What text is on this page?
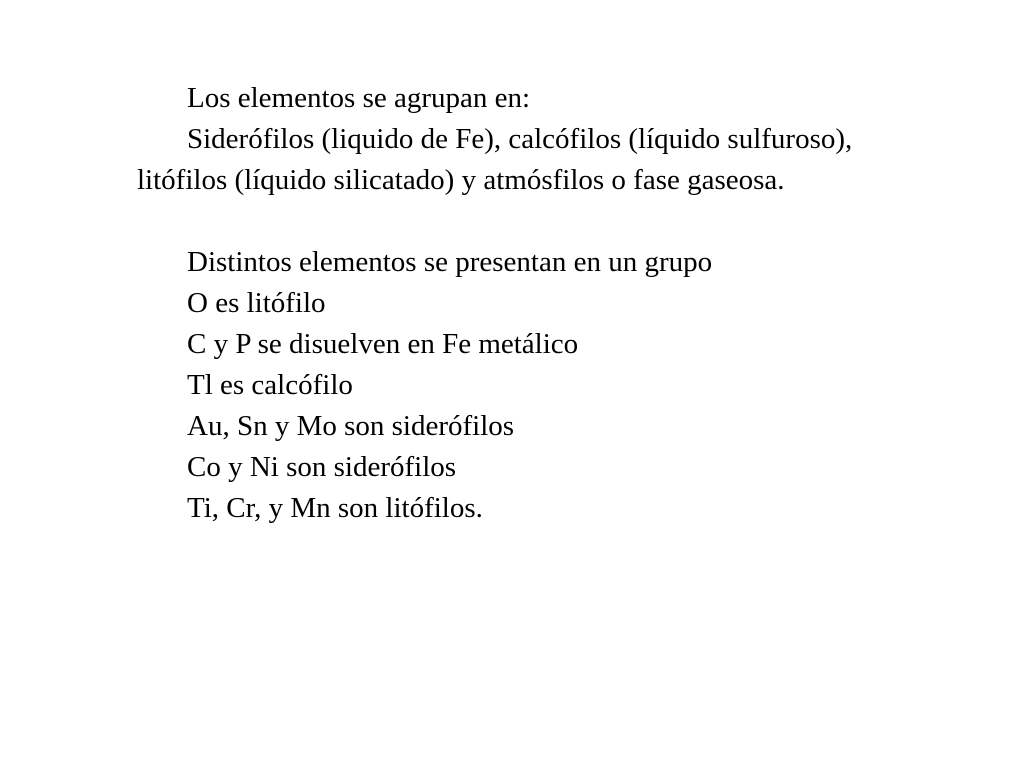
Los elementos se agrupan en:

Siderófilos (liquido de Fe), calcófilos (líquido sulfuroso), litófilos (líquido silicatado) y atmósfilos o fase gaseosa.

Distintos elementos se presentan en un grupo
O es litófilo
C y P se disuelven en Fe metálico
Tl es calcófilo
Au, Sn y Mo son siderófilos
Co y Ni son siderófilos
Ti, Cr, y Mn son litófilos.
